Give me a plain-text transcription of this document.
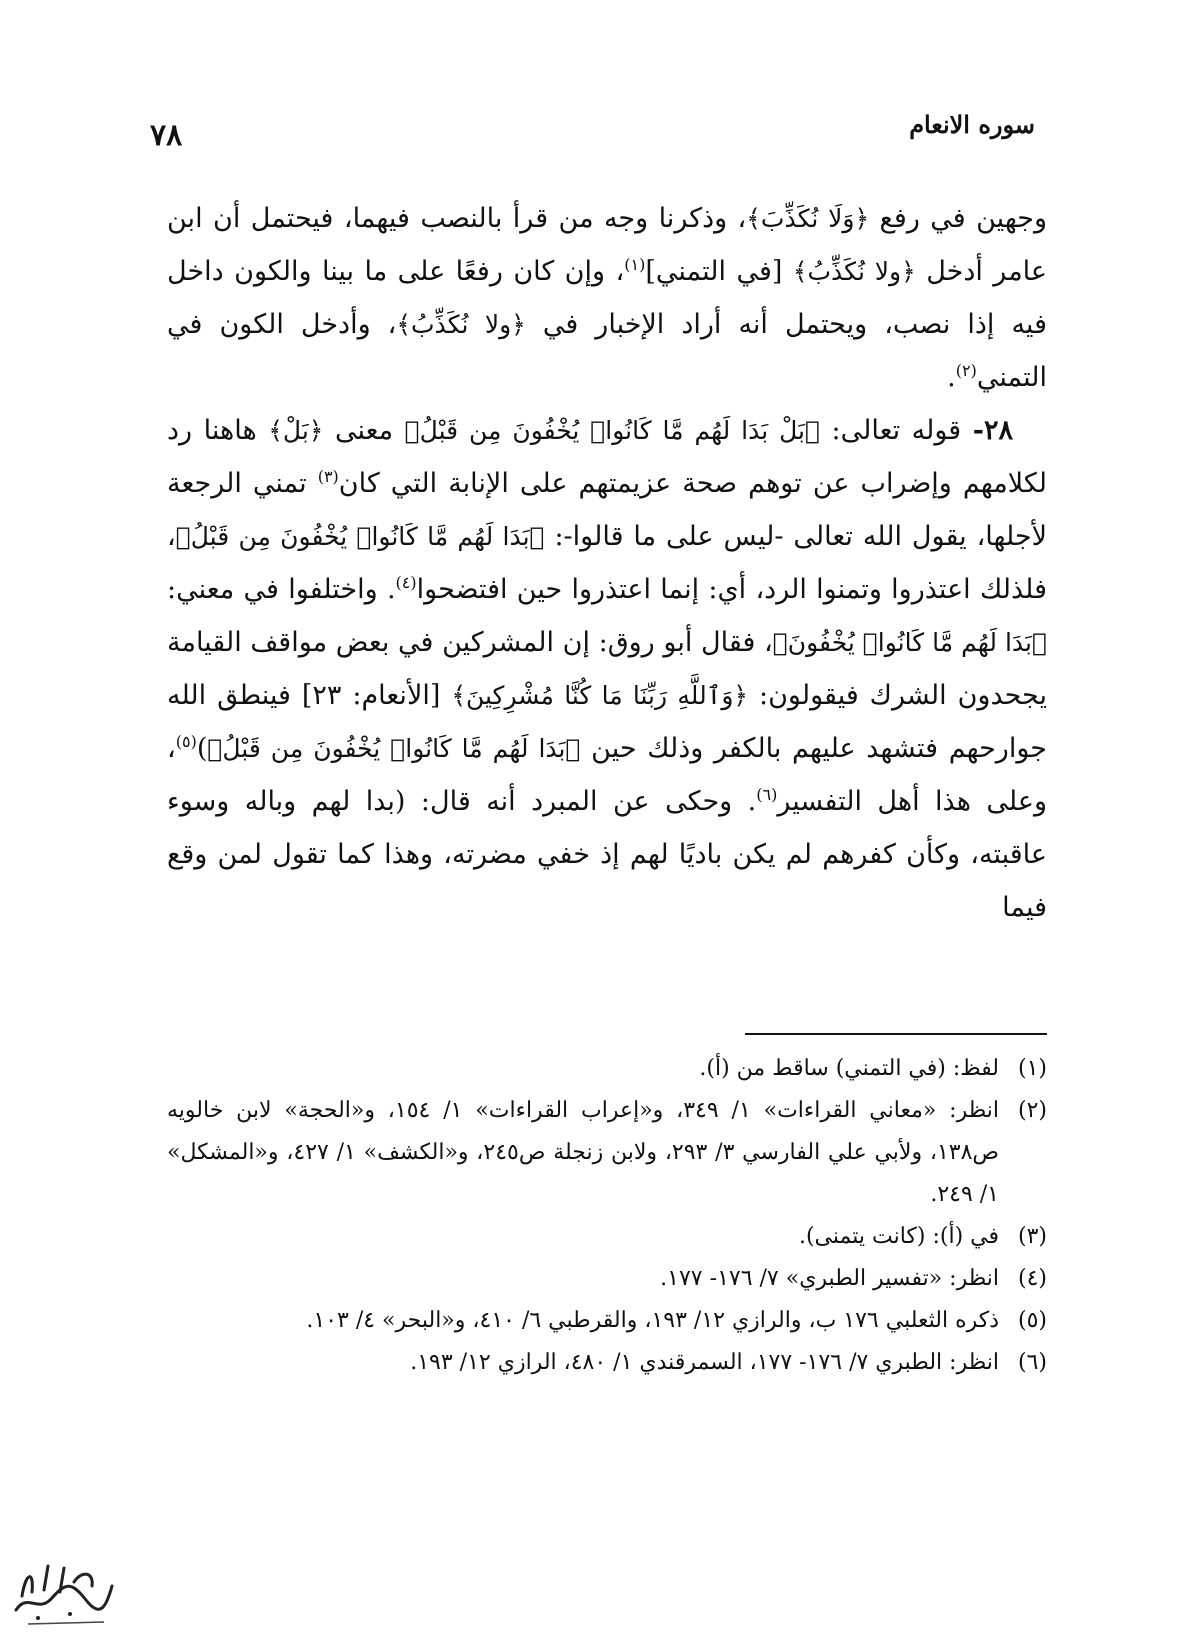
سوره الانعام
٧٨

وجهين في رفع ﴿وَلَا نُكَذِّبَ﴾، وذكرنا وجه من قرأ بالنصب فيهما، فيحتمل أن ابن عامر أدخل ﴿ولا نُكَذِّبُ﴾ [في التمني]$^{(١)}$، وإن كان رفعًا على ما بينا والكون داخل فيه إذا نصب، ويحتمل أنه أراد الإخبار في ﴿ولا نُكَذِّبُ﴾، وأدخل الكون في التمني$^{(٢)}$.

٢٨- قوله تعالى: ﴿بَلْ بَدَا لَهُم مَّا كَانُوا۟ يُخْفُونَ مِن قَبْلُ﴾ معنى ﴿بَلْ﴾ هاهنا رد لكلامهم وإضراب عن توهم صحة عزيمتهم على الإنابة التي كان$^{(٣)}$ تمني الرجعة لأجلها، يقول الله تعالى -ليس على ما قالوا-: ﴿بَدَا لَهُم مَّا كَانُوا۟ يُخْفُونَ مِن قَبْلُ﴾، فلذلك اعتذروا وتمنوا الرد، أي: إنما اعتذروا حين افتضحوا$^{(٤)}$. واختلفوا في معني: ﴿بَدَا لَهُم مَّا كَانُوا۟ يُخْفُونَ﴾، فقال أبو روق: إن المشركين في بعض مواقف القيامة يجحدون الشرك فيقولون: ﴿وَٱللَّهِ رَبِّنَا مَا كُنَّا مُشْرِكِينَ﴾ [الأنعام: ٢٣] فينطق الله جوارحهم فتشهد عليهم بالكفر وذلك حين ﴿بَدَا لَهُم مَّا كَانُوا۟ يُخْفُونَ مِن قَبْلُ﴾)$^{(٥)}$، وعلى هذا أهل التفسير$^{(٦)}$. وحكى عن المبرد أنه قال: (بدا لهم وباله وسوء عاقبته، وكأن كفرهم لم يكن باديًا لهم إذ خفي مضرته، وهذا كما تقول لمن وقع فيما

(١)
لفظ: (في التمني) ساقط من (أ).
(٢)
انظر: «معاني القراءات» ١/ ٣٤٩، و«إعراب القراءات» ١/ ١٥٤، و«الحجة» لابن خالويه ص١٣٨، ولأبي علي الفارسي ٣/ ٢٩٣، ولابن زنجلة ص٢٤٥، و«الكشف» ١/ ٤٢٧، و«المشكل» ١/ ٢٤٩.
(٣)
في (أ): (كانت يتمنى).
(٤)
انظر: «تفسير الطبري» ٧/ ١٧٦- ١٧٧.
(٥)
ذكره الثعلبي ١٧٦ ب، والرازي ١٢/ ١٩٣، والقرطبي ٦/ ٤١٠، و«البحر» ٤/ ١٠٣.
(٦)
انظر: الطبري ٧/ ١٧٦- ١٧٧، السمرقندي ١/ ٤٨٠، الرازي ١٢/ ١٩٣.
